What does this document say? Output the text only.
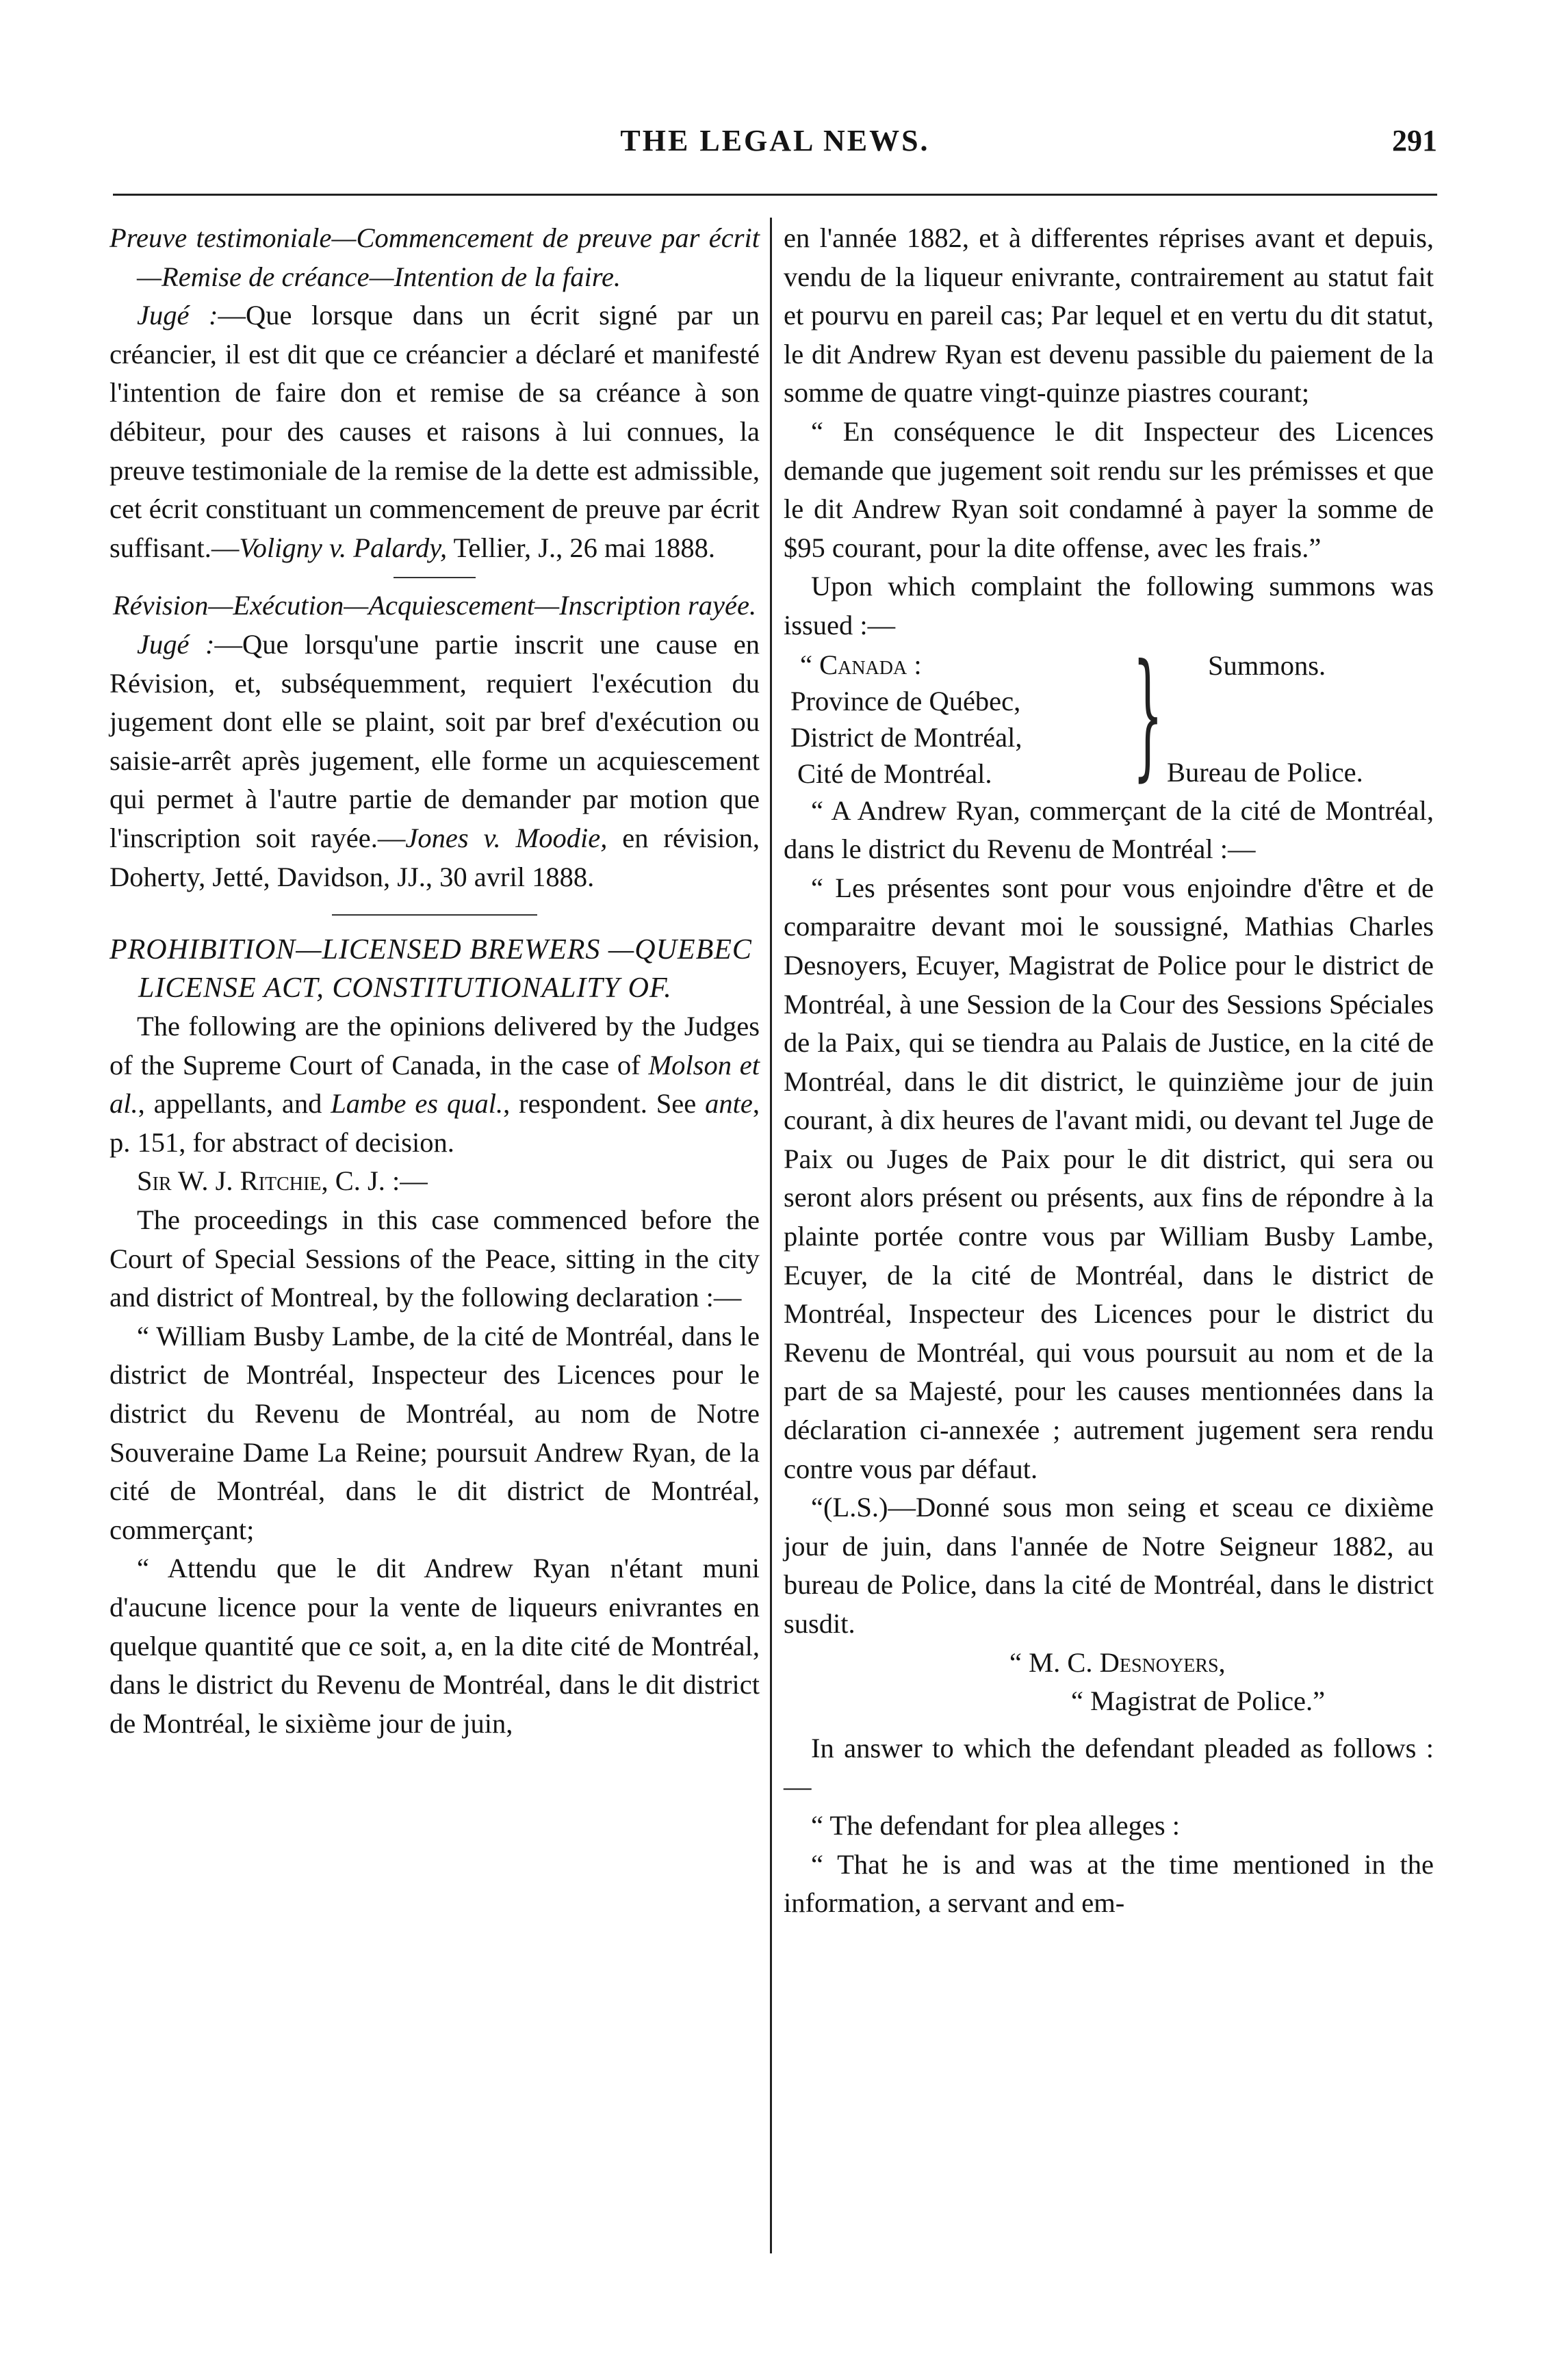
THE LEGAL NEWS.	291

Preuve testimoniale—Commencement de preuve par écrit—Remise de créance—Intention de la faire.

Jugé :—Que lorsque dans un écrit signé par un créancier, il est dit que ce créancier a déclaré et manifesté l'intention de faire don et remise de sa créance à son débiteur, pour des causes et raisons à lui connues, la preuve testimoniale de la remise de la dette est admissible, cet écrit constituant un commencement de preuve par écrit suffisant.—Voligny v. Palardy, Tellier, J., 26 mai 1888.

Révision—Exécution—Acquiescement—Inscription rayée.

Jugé :—Que lorsqu'une partie inscrit une cause en Révision, et, subséquemment, requiert l'exécution du jugement dont elle se plaint, soit par bref d'exécution ou saisie-arrêt après jugement, elle forme un acquiescement qui permet à l'autre partie de demander par motion que l'inscription soit rayée.—Jones v. Moodie, en révision, Doherty, Jetté, Davidson, JJ., 30 avril 1888.

PROHIBITION—LICENSED BREWERS —QUEBEC LICENSE ACT, CONSTITUTIONALITY OF.

The following are the opinions delivered by the Judges of the Supreme Court of Canada, in the case of Molson et al., appellants, and Lambe es qual., respondent. See ante, p. 151, for abstract of decision.

Sir W. J. Ritchie, C. J. :—

The proceedings in this case commenced before the Court of Special Sessions of the Peace, sitting in the city and district of Montreal, by the following declaration :—

“ William Busby Lambe, de la cité de Montréal, dans le district de Montréal, Inspecteur des Licences pour le district du Revenu de Montréal, au nom de Notre Souveraine Dame La Reine; poursuit Andrew Ryan, de la cité de Montréal, dans le dit district de Montréal, commerçant;

“ Attendu que le dit Andrew Ryan n'étant muni d'aucune licence pour la vente de liqueurs enivrantes en quelque quantité que ce soit, a, en la dite cité de Montréal, dans le district du Revenu de Montréal, dans le dit district de Montréal, le sixième jour de juin,

en l'année 1882, et à differentes réprises avant et depuis, vendu de la liqueur enivrante, contrairement au statut fait et pourvu en pareil cas; Par lequel et en vertu du dit statut, le dit Andrew Ryan est devenu passible du paiement de la somme de quatre vingt-quinze piastres courant;

“ En conséquence le dit Inspecteur des Licences demande que jugement soit rendu sur les prémisses et que le dit Andrew Ryan soit condamné à payer la somme de $95 courant, pour la dite offense, avec les frais.”

Upon which complaint the following summons was issued :—

“ Canada :
Province de Québec,
District de Montréal,
Cité de Montréal. } Summons.
Bureau de Police.

“ A Andrew Ryan, commerçant de la cité de Montréal, dans le district du Revenu de Montréal :—

“ Les présentes sont pour vous enjoindre d'être et de comparaitre devant moi le soussigné, Mathias Charles Desnoyers, Ecuyer, Magistrat de Police pour le district de Montréal, à une Session de la Cour des Sessions Spéciales de la Paix, qui se tiendra au Palais de Justice, en la cité de Montréal, dans le dit district, le quinzième jour de juin courant, à dix heures de l'avant midi, ou devant tel Juge de Paix ou Juges de Paix pour le dit district, qui sera ou seront alors présent ou présents, aux fins de répondre à la plainte portée contre vous par William Busby Lambe, Ecuyer, de la cité de Montréal, dans le district de Montréal, Inspecteur des Licences pour le district du Revenu de Montréal, qui vous poursuit au nom et de la part de sa Majesté, pour les causes mentionnées dans la déclaration ci-annexée ; autrement jugement sera rendu contre vous par défaut.

“(L.S.)—Donné sous mon seing et sceau ce dixième jour de juin, dans l'année de Notre Seigneur 1882, au bureau de Police, dans la cité de Montréal, dans le district susdit.

“ M. C. Desnoyers,

“ Magistrat de Police.”

In answer to which the defendant pleaded as follows :—

“ The defendant for plea alleges :

“ That he is and was at the time mentioned in the information, a servant and em-
